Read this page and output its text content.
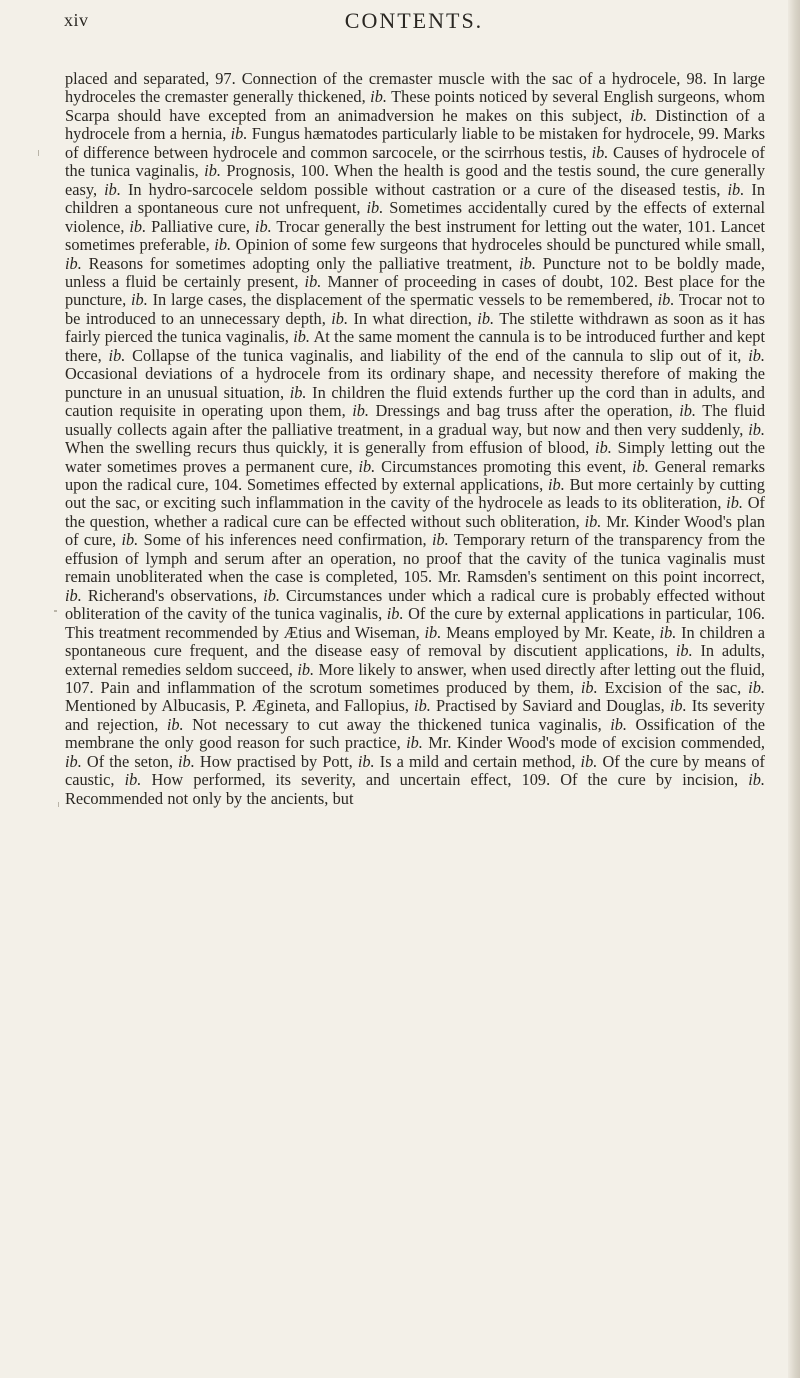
xiv	CONTENTS.

placed and separated, 97. Connection of the cremaster muscle with the sac of a hydrocele, 98. In large hydroceles the cremaster generally thickened, ib. These points noticed by several English surgeons, whom Scarpa should have excepted from an animadversion he makes on this subject, ib. Distinction of a hydrocele from a hernia, ib. Fungus hæmatodes particularly liable to be mistaken for hydrocele, 99. Marks of difference between hydrocele and common sarcocele, or the scirrhous testis, ib. Causes of hydrocele of the tunica vaginalis, ib. Prognosis, 100. When the health is good and the testis sound, the cure generally easy, ib. In hydro-sarcocele seldom possible without castration or a cure of the diseased testis, ib. In children a spontaneous cure not unfrequent, ib. Sometimes accidentally cured by the effects of external violence, ib. Palliative cure, ib. Trocar generally the best instrument for letting out the water, 101. Lancet sometimes preferable, ib. Opinion of some few surgeons that hydroceles should be punctured while small, ib. Reasons for sometimes adopting only the palliative treatment, ib. Puncture not to be boldly made, unless a fluid be certainly present, ib. Manner of proceeding in cases of doubt, 102. Best place for the puncture, ib. In large cases, the displacement of the spermatic vessels to be remembered, ib. Trocar not to be introduced to an unnecessary depth, ib. In what direction, ib. The stilette withdrawn as soon as it has fairly pierced the tunica vaginalis, ib. At the same moment the cannula is to be introduced further and kept there, ib. Collapse of the tunica vaginalis, and liability of the end of the cannula to slip out of it, ib. Occasional deviations of a hydrocele from its ordinary shape, and necessity therefore of making the puncture in an unusual situation, ib. In children the fluid extends further up the cord than in adults, and caution requisite in operating upon them, ib. Dressings and bag truss after the operation, ib. The fluid usually collects again after the palliative treatment, in a gradual way, but now and then very suddenly, ib. When the swelling recurs thus quickly, it is generally from effusion of blood, ib. Simply letting out the water sometimes proves a permanent cure, ib. Circumstances promoting this event, ib. General remarks upon the radical cure, 104. Sometimes effected by external applications, ib. But more certainly by cutting out the sac, or exciting such inflammation in the cavity of the hydrocele as leads to its obliteration, ib. Of the question, whether a radical cure can be effected without such obliteration, ib. Mr. Kinder Wood's plan of cure, ib. Some of his inferences need confirmation, ib. Temporary return of the transparency from the effusion of lymph and serum after an operation, no proof that the cavity of the tunica vaginalis must remain unobliterated when the case is completed, 105. Mr. Ramsden's sentiment on this point incorrect, ib. Richerand's observations, ib. Circumstances under which a radical cure is probably effected without obliteration of the cavity of the tunica vaginalis, ib. Of the cure by external applications in particular, 106. This treatment recommended by Ætius and Wiseman, ib. Means employed by Mr. Keate, ib. In children a spontaneous cure frequent, and the disease easy of removal by discutient applications, ib. In adults, external remedies seldom succeed, ib. More likely to answer, when used directly after letting out the fluid, 107. Pain and inflammation of the scrotum sometimes produced by them, ib. Excision of the sac, ib. Mentioned by Albucasis, P. Ægineta, and Fallopius, ib. Practised by Saviard and Douglas, ib. Its severity and rejection, ib. Not necessary to cut away the thickened tunica vaginalis, ib. Ossification of the membrane the only good reason for such practice, ib. Mr. Kinder Wood's mode of excision commended, ib. Of the seton, ib. How practised by Pott, ib. Is a mild and certain method, ib. Of the cure by means of caustic, ib. How performed, its severity, and uncertain effect, 109. Of the cure by incision, ib. Recommended not only by the ancients, but
